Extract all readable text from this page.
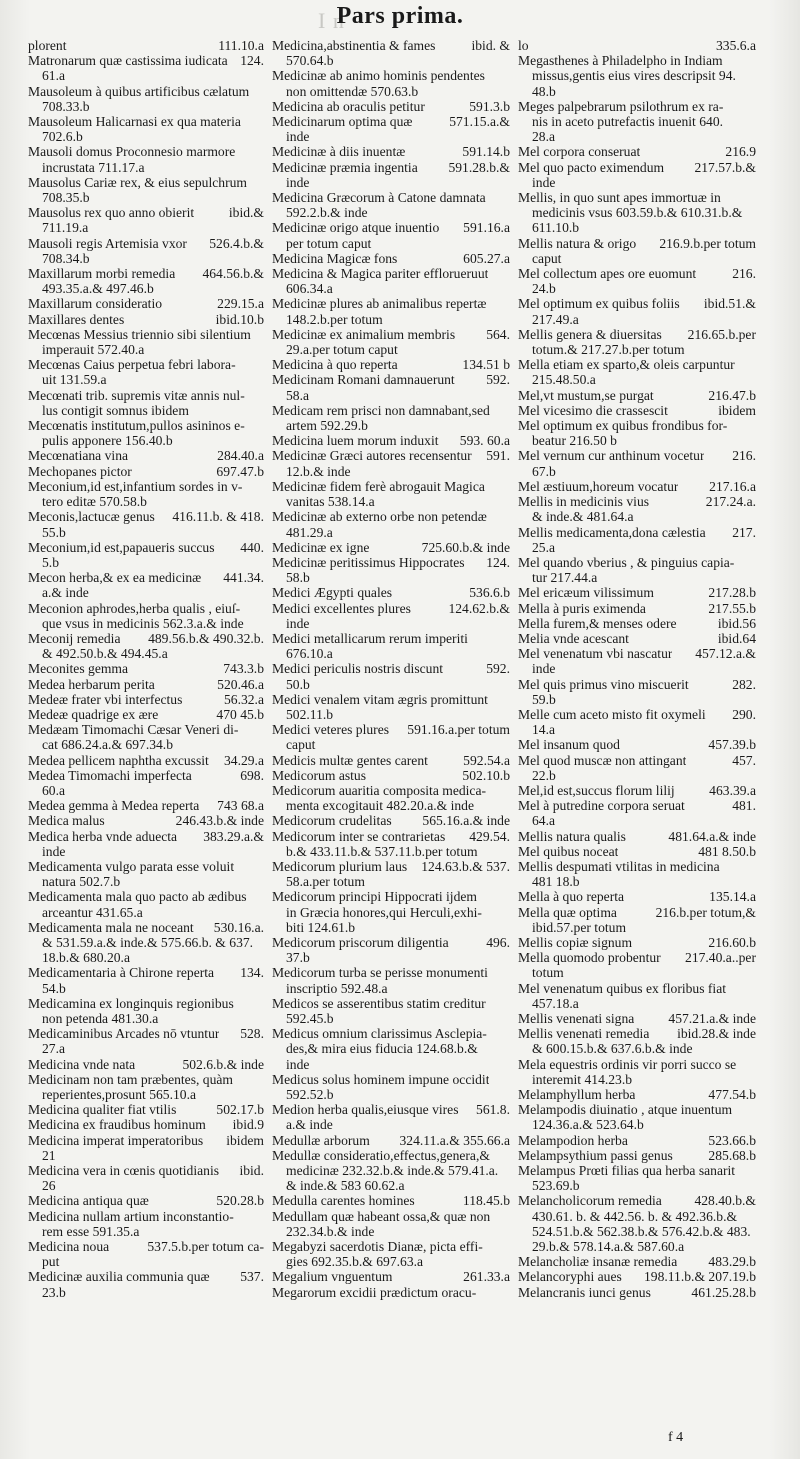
I n
Pars prima.
plorent	111.10.a
Matronarum quæ castissima iudicata 124.
61.a
Mausoleum à quibus artificibus cælatum
708.33.b
Mausoleum Halicarnasi ex qua materia
702.6.b
Mausoli domus Proconnesio marmore
incrustata 711.17.a
Mausolus Cariæ rex, & eius sepulchrum
708.35.b
Mausolus rex quo anno obierit	ibid.&
711.19.a
Mausoli regis Artemisia vxor	526.4.b.&
708.34.b
Maxillarum morbi remedia	464.56.b.&
493.35.a.& 497.46.b
Maxillarum consideratio	229.15.a
Maxillares dentes	ibid.10.b
Mecœnas Messius triennio sibi silentium
imperauit 572.40.a
Mecœnas Caius perpetua febri labora-
uit 131.59.a
Mecœnati trib. supremis vitæ annis nul-
lus contigit somnus ibidem
Mecœnatis institutum,pullos asininos e-
pulis apponere 156.40.b
Mecœnatiana vina	284.40.a
Mechopanes pictor	697.47.b
Meconium,id est,infantium sordes in v-
tero editæ 570.58.b
Meconis,lactucæ genus	416.11.b. & 418.
55.b
Meconium,id est,papaueris succus	440.
5.b
Mecon herba,& ex ea medicinæ	441.34.
a.& inde
Meconion aphrodes,herba qualis , eiuſ-
que vsus in medicinis 562.3.a.& inde
Meconij remedia	489.56.b.& 490.32.b.
& 492.50.b.& 494.45.a
Meconites gemma	743.3.b
Medea herbarum perita	520.46.a
Medeæ frater vbi interfectus	56.32.a
Medeæ quadrige ex ære	470 45.b
Medæam Timomachi Cæsar Veneri di-
cat 686.24.a.& 697.34.b
Medea pellicem naphtha excussit	34.29.a
Medea Timomachi imperfecta	698.
60.a
Medea gemma à Medea reperta	743 68.a
Medica malus	246.43.b.& inde
Medica herba vnde aduecta	383.29.a.&
inde
Medicamenta vulgo parata esse voluit
natura 502.7.b
Medicamenta mala quo pacto ab ædibus
arceantur 431.65.a
Medicamenta mala ne noceant	530.16.a.
& 531.59.a.& inde.& 575.66.b. & 637.
18.b.& 680.20.a
Medicamentaria à Chirone reperta	134.
54.b
Medicamina ex longinquis regionibus
non petenda 481.30.a
Medicaminibus Arcades nō vtuntur	528.
27.a
Medicina vnde nata	502.6.b.& inde
Medicinam non tam præbentes, quàm
reperientes,prosunt 565.10.a
Medicina qualiter fiat vtilis	502.17.b
Medicina ex fraudibus hominum	ibid.9
Medicina imperat imperatoribus	ibidem
21
Medicina vera in cœnis quotidianis	ibid.
26
Medicina antiqua quæ	520.28.b
Medicina nullam artium inconstantio-
rem esse 591.35.a
Medicina noua	537.5.b.per totum ca-
put
Medicinæ auxilia communia quæ	537.
23.b
Medicina,abstinentia & fames	ibid. &
570.64.b
Medicinæ ab animo hominis pendentes
non omittendæ 570.63.b
Medicina ab oraculis petitur	591.3.b
Medicinarum optima quæ	571.15.a.&
inde
Medicinæ à diis inuentæ	591.14.b
Medicinæ præmia ingentia	591.28.b.&
inde
Medicina Græcorum à Catone damnata
592.2.b.& inde
Medicinæ origo atque inuentio	591.16.a
per totum caput
Medicina Magicæ fons	605.27.a
Medicina & Magica pariter efflorueruut
606.34.a
Medicinæ plures ab animalibus repertæ
148.2.b.per totum
Medicinæ ex animalium membris	564.
29.a.per totum caput
Medicina à quo reperta	134.51 b
Medicinam Romani damnauerunt	592.
58.a
Medicam rem prisci non damnabant,sed
artem 592.29.b
Medicina luem morum induxit	593. 60.a
Medicinæ Græci autores recensentur	591.
12.b.& inde
Medicinæ fidem ferè abrogauit Magica
vanitas 538.14.a
Medicinæ ab externo orbe non petendæ
481.29.a
Medicinæ ex igne	725.60.b.& inde
Medicinæ peritissimus Hippocrates	124.
58.b
Medici Ægypti quales	536.6.b
Medici excellentes plures	124.62.b.&
inde
Medici metallicarum rerum imperiti
676.10.a
Medici periculis nostris discunt	592.
50.b
Medici venalem vitam ægris promittunt
502.11.b
Medici veteres plures	591.16.a.per totum
caput
Medicis multæ gentes carent	592.54.a
Medicorum astus	502.10.b
Medicorum auaritia composita medica-
menta excogitauit 482.20.a.& inde
Medicorum crudelitas	565.16.a.& inde
Medicorum inter se contrarietas	429.54.
b.& 433.11.b.& 537.11.b.per totum
Medicorum plurium laus	124.63.b.& 537.
58.a.per totum
Medicorum principi Hippocrati ijdem
in Græcia honores,qui Herculi,exhi-
biti 124.61.b
Medicorum priscorum diligentia	496.
37.b
Medicorum turba se perisse monumenti
inscriptio 592.48.a
Medicos se asserentibus statim creditur
592.45.b
Medicus omnium clarissimus Asclepia-
des,& mira eius fiducia 124.68.b.&
inde
Medicus solus hominem impune occidit
592.52.b
Medion herba qualis,eiusque vires	561.8.
a.& inde
Medullæ arborum	324.11.a.& 355.66.a
Medullæ consideratio,effectus,genera,&
medicinæ 232.32.b.& inde.& 579.41.a.
& inde.& 583 60.62.a
Medulla carentes homines	118.45.b
Medullam quæ habeant ossa,& quæ non
232.34.b.& inde
Megabyzi sacerdotis Dianæ, picta effi-
gies 692.35.b.& 697.63.a
Megalium vnguentum	261.33.a
Megarorum excidii prædictum oracu-
lo	335.6.a
Megasthenes à Philadelpho in Indiam
missus,gentis eius vires descripsit 94.
48.b
Meges palpebrarum psilothrum ex ra-
nis in aceto putrefactis inuenit 640.
28.a
Mel corpora conseruat	216.9
Mel quo pacto eximendum	217.57.b.&
inde
Mellis, in quo sunt apes immortuæ in
medicinis vsus 603.59.b.& 610.31.b.&
611.10.b
Mellis natura & origo	216.9.b.per totum
caput
Mel collectum apes ore euomunt	216.
24.b
Mel optimum ex quibus foliis	ibid.51.&
217.49.a
Mellis genera & diuersitas	216.65.b.per
totum.& 217.27.b.per totum
Mella etiam ex sparto,& oleis carpuntur
215.48.50.a
Mel,vt mustum,se purgat	216.47.b
Mel vicesimo die crassescit	ibidem
Mel optimum ex quibus frondibus for-
beatur 216.50 b
Mel vernum cur anthinum vocetur	216.
67.b
Mel æstiuum,horeum vocatur	217.16.a
Mellis in medicinis vius	217.24.a.
& inde.& 481.64.a
Mellis medicamenta,dona cælestia	217.
25.a
Mel quando vberius , & pinguius capia-
tur 217.44.a
Mel ericæum vilissimum	217.28.b
Mella à puris eximenda	217.55.b
Mella furem,& menses odere	ibid.56
Melia vnde acescant	ibid.64
Mel venenatum vbi nascatur	457.12.a.&
inde
Mel quis primus vino miscuerit	282.
59.b
Melle cum aceto misto fit oxymeli	290.
14.a
Mel insanum quod	457.39.b
Mel quod muscæ non attingant	457.
22.b
Mel,id est,succus florum lilij	463.39.a
Mel à putredine corpora seruat	481.
64.a
Mellis natura qualis	481.64.a.& inde
Mel quibus noceat	481 8.50.b
Mellis despumati vtilitas in medicina
481 18.b
Mella à quo reperta	135.14.a
Mella quæ optima	216.b.per totum,&
ibid.57.per totum
Mellis copiæ signum	216.60.b
Mella quomodo probentur	217.40.a..per
totum
Mel venenatum quibus ex floribus fiat
457.18.a
Mellis venenati signa	457.21.a.& inde
Mellis venenati remedia	ibid.28.& inde
& 600.15.b.& 637.6.b.& inde
Mela equestris ordinis vir porri succo se
interemit 414.23.b
Melamphyllum herba	477.54.b
Melampodis diuinatio , atque inuentum
124.36.a.& 523.64.b
Melampodion herba	523.66.b
Melampsythium passi genus	285.68.b
Melampus Prœti filias qua herba sanarit
523.69.b
Melancholicorum remedia	428.40.b.&
430.61. b. & 442.56. b. & 492.36.b.&
524.51.b.& 562.38.b.& 576.42.b.& 483.
29.b.& 578.14.a.& 587.60.a
Melancholiæ insanæ remedia	483.29.b
Melancoryphi aues	198.11.b.& 207.19.b
Melancranis iunci genus	461.25.28.b
f 4
